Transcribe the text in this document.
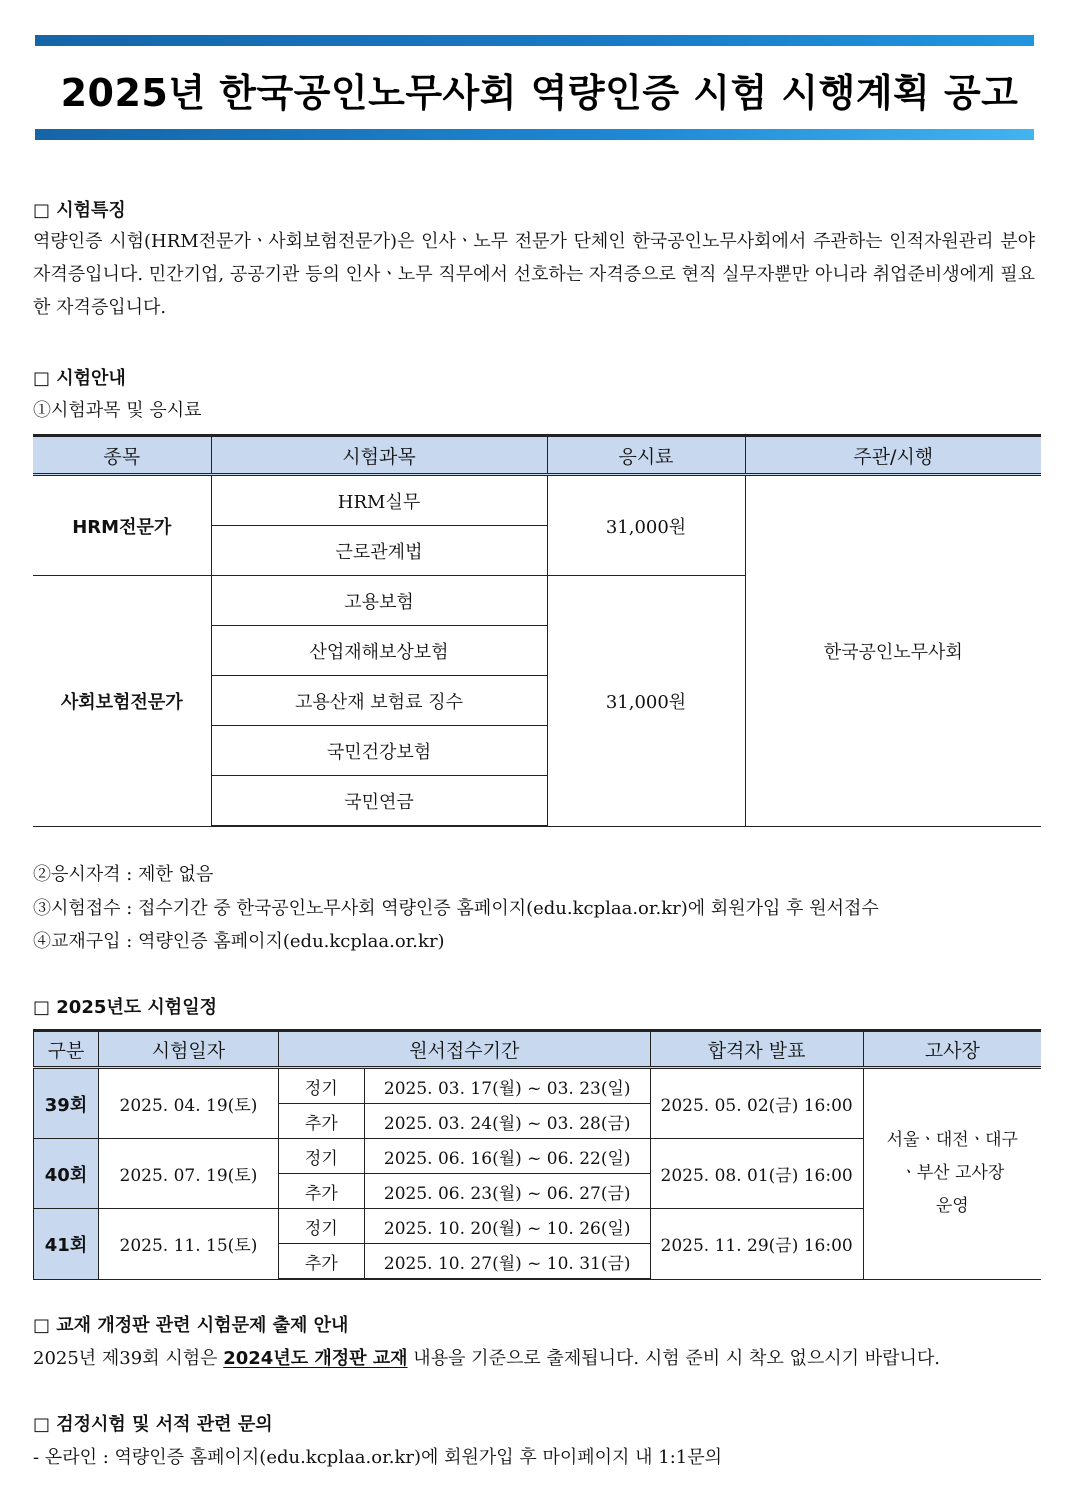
2025년 한국공인노무사회 역량인증 시험 시행계획 공고
□ 시험특징
역량인증 시험(HRM전문가ㆍ사회보험전문가)은 인사ㆍ노무 전문가 단체인 한국공인노무사회에서 주관하는 인적자원관리 분야 자격증입니다. 민간기업, 공공기관 등의 인사ㆍ노무 직무에서 선호하는 자격증으로 현직 실무자뿐만 아니라 취업준비생에게 필요한 자격증입니다.
□ 시험안내
①시험과목 및 응시료
종목	시험과목	응시료	주관/시행
HRM전문가	HRM실무	31,000원	한국공인노무사회
	근로관계법		
사회보험전문가	고용보험	31,000원	
	산업재해보상보험		
	고용산재 보험료 징수		
	국민건강보험		
	국민연금		
②응시자격 : 제한 없음
③시험접수 : 접수기간 중 한국공인노무사회 역량인증 홈페이지(edu.kcplaa.or.kr)에 회원가입 후 원서접수
④교재구입 : 역량인증 홈페이지(edu.kcplaa.or.kr)
□ 2025년도 시험일정
구분	시험일자	원서접수기간		합격자 발표	고사장
39회	2025. 04. 19(토)	정기	2025. 03. 17(월) ~ 03. 23(일)	2025. 05. 02(금) 16:00	서울ㆍ대전ㆍ대구
ㆍ부산 고사장
운영

		추가	2025. 03. 24(월) ~ 03. 28(금)		
40회	2025. 07. 19(토)	정기	2025. 06. 16(월) ~ 06. 22(일)	2025. 08. 01(금) 16:00	
		추가	2025. 06. 23(월) ~ 06. 27(금)		
41회	2025. 11. 15(토)	정기	2025. 10. 20(월) ~ 10. 26(일)	2025. 11. 29(금) 16:00	
		추가	2025. 10. 27(월) ~ 10. 31(금)		
□ 교재 개정판 관련 시험문제 출제 안내
2025년 제39회 시험은 2024년도 개정판 교재 내용을 기준으로 출제됩니다. 시험 준비 시 착오 없으시기 바랍니다.
□ 검정시험 및 서적 관련 문의
- 온라인 : 역량인증 홈페이지(edu.kcplaa.or.kr)에 회원가입 후 마이페이지 내 1:1문의
